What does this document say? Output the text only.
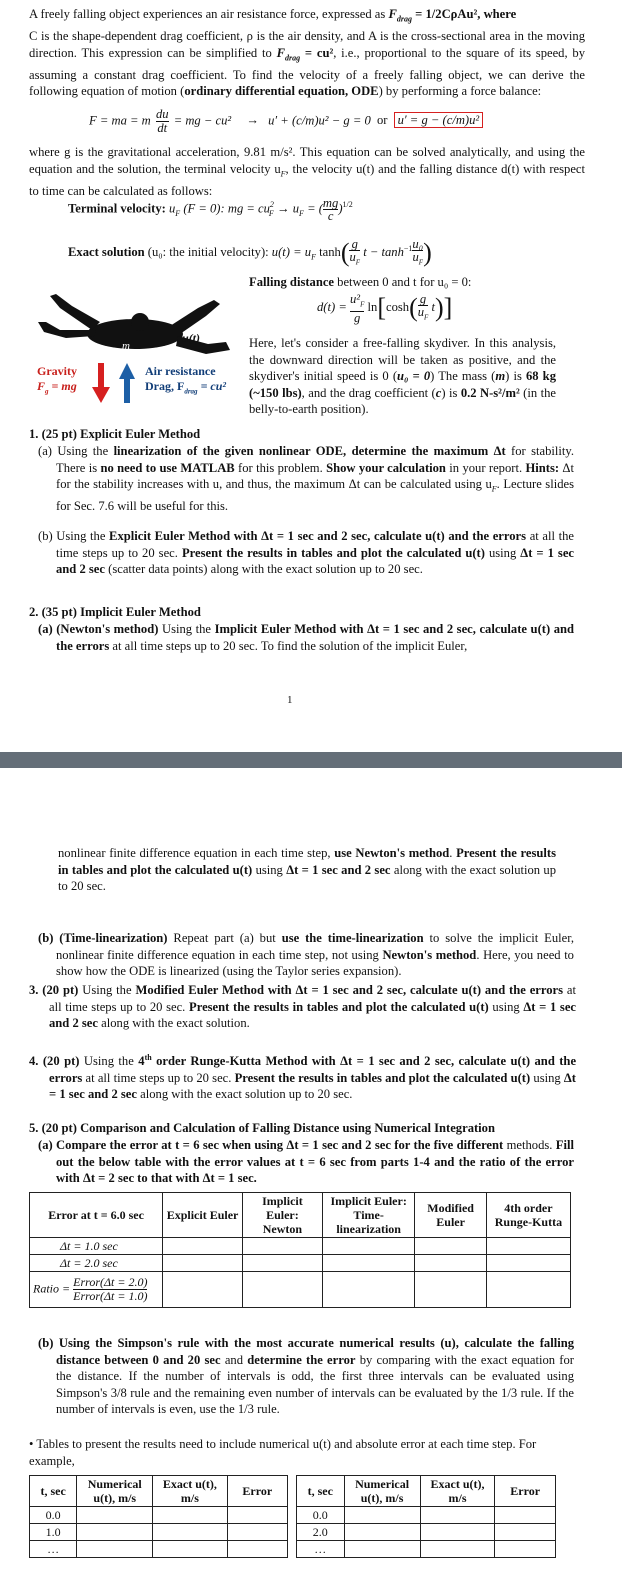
A freely falling object experiences an air resistance force, expressed as $F_{drag} = 1/2C\rho Au^2$, where
C is the shape-dependent drag coefficient, ρ is the air density, and A is the cross-sectional area in the moving direction. This expression can be simplified to $F_{drag} = cu^2$, i.e., proportional to the square of its speed, by assuming a constant drag coefficient. To find the velocity of a freely falling object, we can derive the following equation of motion (ordinary differential equation, ODE) by performing a force balance:
F = ma = m $\frac{du}{dt}$ = mg − cu² → u′ + (c/m)u² − g = 0 or u′ = g − (c/m)u²
where g is the gravitational acceleration, 9.81 m/s². This equation can be solved analytically, and using the equation and the solution, the terminal velocity $u_F$, the velocity u(t) and the falling distance d(t) with respect to time can be calculated as follows:
Terminal velocity: $u_F$ (F = 0): mg = $cu^2_F \to u_F$ = ( $\frac{mg}{c} )^{1/2}$
Exact solution (u₀: the initial velocity): $u(t) = u_F$ $\tanh( \frac{g}{u_F}$ $t - \tanh^{-1} \frac{\text{u₀}}{u_F}$ )
Falling distance between 0 and t for u₀ = 0:
$d(t) = \frac{u^2_F}{g} \ln[\cosh( \frac{g}{u_F} t)]$
u(t)
m
Gravity
$F_g$ = mg
Air resistance
Drag, $F_{drag} = cu^2$
Here, let's consider a free-falling skydiver. In this analysis, the downward direction will be taken as positive, and the skydiver's initial speed is 0 (u₀ = 0) The mass (m) is 68 kg (~150 lbs), and the drag coefficient (c) is 0.2 N-s²/m² (in the belly-to-earth position).
1. (25 pt) Explicit Euler Method
(a) Using the linearization of the given nonlinear ODE, determine the maximum Δt for stability. There is no need to use MATLAB for this problem. Show your calculation in your report. Hints: Δt for the stability increases with u, and thus, the maximum Δt can be calculated using $u_F$. Lecture slides for Sec. 7.6 will be useful for this.
(b) Using the Explicit Euler Method with Δt = 1 sec and 2 sec, calculate u(t) and the errors at all the time steps up to 20 sec. Present the results in tables and plot the calculated u(t) using Δt = 1 sec and 2 sec (scatter data points) along with the exact solution up to 20 sec.
2. (35 pt) Implicit Euler Method
(a) (Newton's method) Using the Implicit Euler Method with Δt = 1 sec and 2 sec, calculate u(t) and the errors at all time steps up to 20 sec. To find the solution of the implicit Euler,
1
nonlinear finite difference equation in each time step, use Newton's method. Present the results in tables and plot the calculated u(t) using Δt = 1 sec and 2 sec along with the exact solution up to 20 sec.
(b) (Time-linearization) Repeat part (a) but use the time-linearization to solve the implicit Euler, nonlinear finite difference equation in each time step, not using Newton's method. Here, you need to show how the ODE is linearized (using the Taylor series expansion).
3. (20 pt) Using the Modified Euler Method with Δt = 1 sec and 2 sec, calculate u(t) and the errors at all time steps up to 20 sec. Present the results in tables and plot the calculated u(t) using Δt = 1 sec and 2 sec along with the exact solution.
4. (20 pt) Using the 4th order Runge-Kutta Method with Δt = 1 sec and 2 sec, calculate u(t) and the errors at all time steps up to 20 sec. Present the results in tables and plot the calculated u(t) using Δt = 1 sec and 2 sec along with the exact solution up to 20 sec.
5. (20 pt) Comparison and Calculation of Falling Distance using Numerical Integration
(a) Compare the error at t = 6 sec when using Δt = 1 sec and 2 sec for the five different methods. Fill out the below table with the error values at t = 6 sec from parts 1-4 and the ratio of the error with Δt = 2 sec to that with Δt = 1 sec.
Error at t = 6.0 sec	Explicit Euler	Implicit Euler: Newton	Implicit Euler: Time-linearization	Modified Euler	4th order Runge-Kutta
Δt = 1.0 sec					
Δt = 2.0 sec					
Ratio = Error(Δt = 2.0)
Error(Δt = 1.0)					

(b) Using the Simpson's rule with the most accurate numerical results (u), calculate the falling distance between 0 and 20 sec and determine the error by comparing with the exact equation for the distance. If the number of intervals is odd, the first three intervals can be evaluated using Simpson's 3/8 rule and the remaining even number of intervals can be evaluated by the 1/3 rule. If the number of intervals is even, use the 1/3 rule.
• Tables to present the results need to include numerical u(t) and absolute error at each time step. For example,
t, sec	Numerical u(t), m/s	Exact u(t), m/s	Error
0.0			
1.0			
…			
t, sec	Numerical u(t), m/s	Exact u(t), m/s	Error
0.0			
2.0			
…			
